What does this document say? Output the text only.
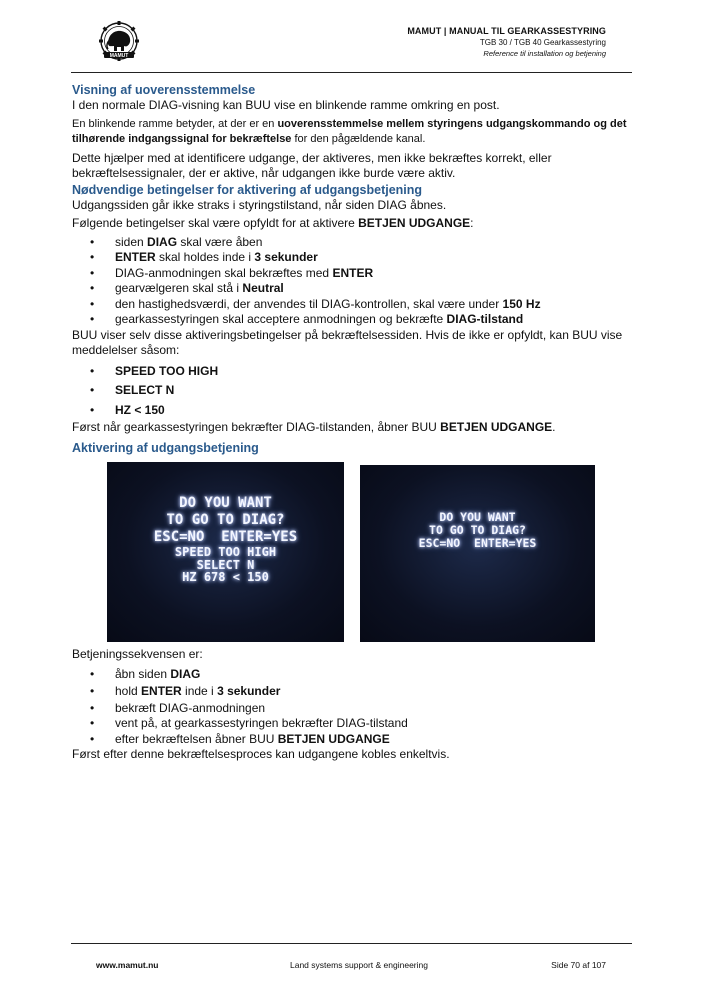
MAMUT
MAMUT | MANUAL TIL GEARKASSESTYRING
TGB 30 / TGB 40 Gearkassestyring
Reference til installation og betjening
Visning af uoverensstemmelse

I den normale DIAG-visning kan BUU vise en blinkende ramme omkring en post.

En blinkende ramme betyder, at der er en uoverensstemmelse mellem styringens udgangskommando og det tilhørende indgangssignal for bekræftelse for den pågældende kanal.

Dette hjælper med at identificere udgange, der aktiveres, men ikke bekræftes korrekt, eller bekræftelsessignaler, der er aktive, når udgangen ikke burde være aktiv.

Nødvendige betingelser for aktivering af udgangsbetjening

Udgangssiden går ikke straks i styringstilstand, når siden DIAG åbnes.

Følgende betingelser skal være opfyldt for at aktivere BETJEN UDGANGE:

• siden DIAG skal være åben
• ENTER skal holdes inde i 3 sekunder
• DIAG-anmodningen skal bekræftes med ENTER
• gearvælgeren skal stå i Neutral
• den hastighedsværdi, der anvendes til DIAG-kontrollen, skal være under 150 Hz
• gearkassestyringen skal acceptere anmodningen og bekræfte DIAG-tilstand

BUU viser selv disse aktiveringsbetingelser på bekræftelsessiden. Hvis de ikke er opfyldt, kan BUU vise meddelelser såsom:

• SPEED TOO HIGH
• SELECT N
• HZ < 150

Først når gearkassestyringen bekræfter DIAG-tilstanden, åbner BUU BETJEN UDGANGE.

Aktivering af udgangsbetjening
DO YOU WANT
TO GO TO DIAG?
ESC=NO  ENTER=YES
SPEED TOO HIGH
SELECT N
HZ 678 < 150
DO YOU WANT
TO GO TO DIAG?
ESC=NO  ENTER=YES

Betjeningssekvensen er:

• åbn siden DIAG
• hold ENTER inde i 3 sekunder
• bekræft DIAG-anmodningen
• vent på, at gearkassestyringen bekræfter DIAG-tilstand
• efter bekræftelsen åbner BUU BETJEN UDGANGE

Først efter denne bekræftelsesproces kan udgangene kobles enkeltvis.

www.mamut.nu	Land systems support & engineering	Side 70 af 107
